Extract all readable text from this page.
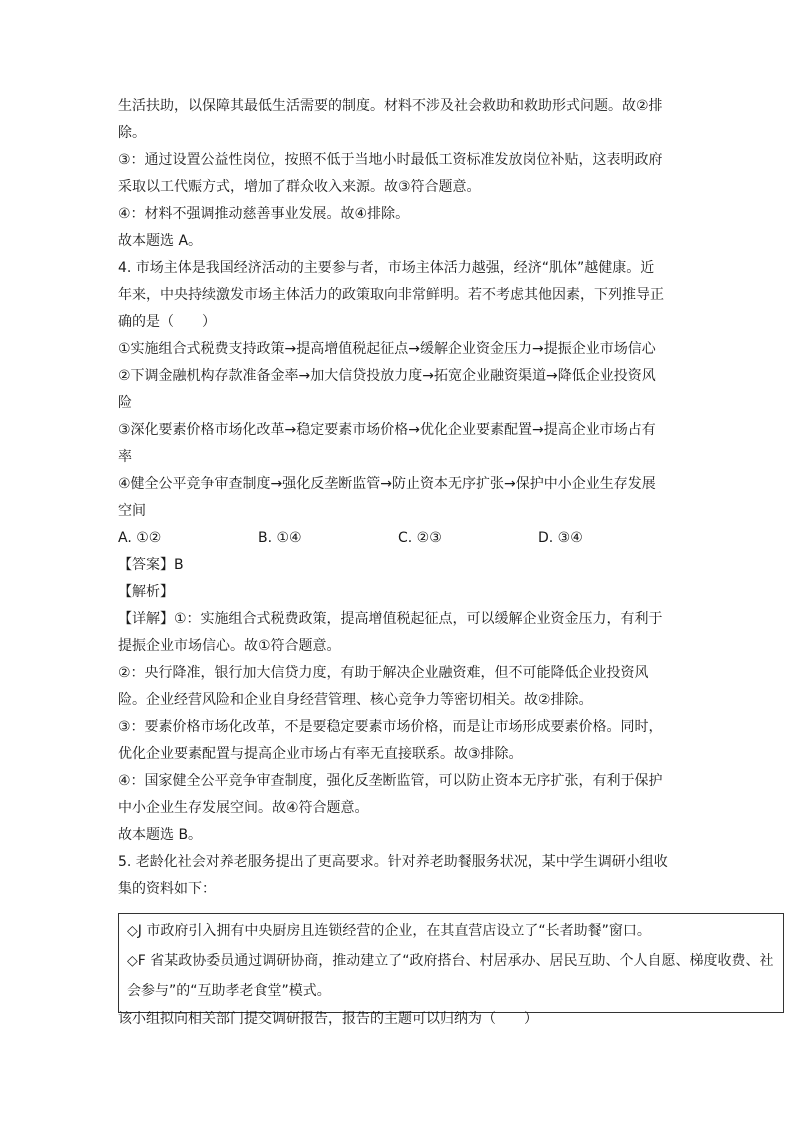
生活扶助，以保障其最低生活需要的制度。材料不涉及社会救助和救助形式问题。故②排
除。
③：通过设置公益性岗位，按照不低于当地小时最低工资标准发放岗位补贴，这表明政府
采取以工代赈方式，增加了群众收入来源。故③符合题意。
④：材料不强调推动慈善事业发展。故④排除。
故本题选 A。
4. 市场主体是我国经济活动的主要参与者，市场主体活力越强，经济“肌体”越健康。近
年来，中央持续激发市场主体活力的政策取向非常鲜明。若不考虑其他因素，下列推导正
确的是（　　）
①实施组合式税费支持政策→提高增值税起征点→缓解企业资金压力→提振企业市场信心
②下调金融机构存款准备金率→加大信贷投放力度→拓宽企业融资渠道→降低企业投资风
险
③深化要素价格市场化改革→稳定要素市场价格→优化企业要素配置→提高企业市场占有
率
④健全公平竞争审查制度→强化反垄断监管→防止资本无序扩张→保护中小企业生存发展
空间
A. ①②	B. ①④	C. ②③	D. ③④
【答案】B
【解析】
【详解】①：实施组合式税费政策，提高增值税起征点，可以缓解企业资金压力，有利于
提振企业市场信心。故①符合题意。
②：央行降准，银行加大信贷力度，有助于解决企业融资难，但不可能降低企业投资风
险。企业经营风险和企业自身经营管理、核心竞争力等密切相关。故②排除。
③：要素价格市场化改革，不是要稳定要素市场价格，而是让市场形成要素价格。同时，
优化企业要素配置与提高企业市场占有率无直接联系。故③排除。
④：国家健全公平竞争审查制度，强化反垄断监管，可以防止资本无序扩张，有利于保护
中小企业生存发展空间。故④符合题意。
故本题选 B。
5. 老龄化社会对养老服务提出了更高要求。针对养老助餐服务状况，某中学生调研小组收
集的资料如下：
◇J 市政府引入拥有中央厨房且连锁经营的企业，在其直营店设立了“长者助餐”窗口。
◇F 省某政协委员通过调研协商，推动建立了“政府搭台、村居承办、居民互助、个人自愿、梯度收费、社会参与”的“互助孝老食堂”模式。
该小组拟向相关部门提交调研报告，报告的主题可以归纳为（　　）
